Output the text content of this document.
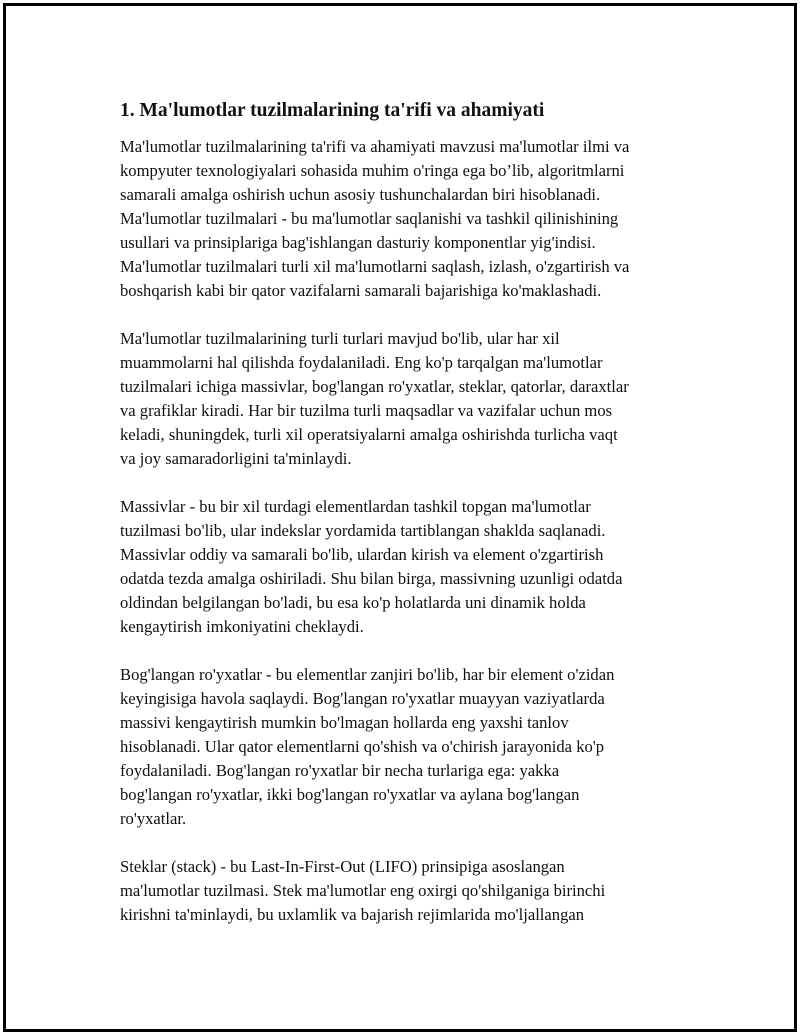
1. Ma'lumotlar tuzilmalarining ta'rifi va ahamiyati

Ma'lumotlar tuzilmalarining ta'rifi va ahamiyati mavzusi ma'lumotlar ilmi va
kompyuter texnologiyalari sohasida muhim o'ringa ega bo’lib, algoritmlarni
samarali amalga oshirish uchun asosiy tushunchalardan biri hisoblanadi.
Ma'lumotlar tuzilmalari - bu ma'lumotlar saqlanishi va tashkil qilinishining
usullari va prinsiplariga bag'ishlangan dasturiy komponentlar yig'indisi.
Ma'lumotlar tuzilmalari turli xil ma'lumotlarni saqlash, izlash, o'zgartirish va
boshqarish kabi bir qator vazifalarni samarali bajarishiga ko'maklashadi.

Ma'lumotlar tuzilmalarining turli turlari mavjud bo'lib, ular har xil
muammolarni hal qilishda foydalaniladi. Eng ko'p tarqalgan ma'lumotlar
tuzilmalari ichiga massivlar, bog'langan ro'yxatlar, steklar, qatorlar, daraxtlar
va grafiklar kiradi. Har bir tuzilma turli maqsadlar va vazifalar uchun mos
keladi, shuningdek, turli xil operatsiyalarni amalga oshirishda turlicha vaqt
va joy samaradorligini ta'minlaydi.

Massivlar - bu bir xil turdagi elementlardan tashkil topgan ma'lumotlar
tuzilmasi bo'lib, ular indekslar yordamida tartiblangan shaklda saqlanadi.
Massivlar oddiy va samarali bo'lib, ulardan kirish va element o'zgartirish
odatda tezda amalga oshiriladi. Shu bilan birga, massivning uzunligi odatda
oldindan belgilangan bo'ladi, bu esa ko'p holatlarda uni dinamik holda
kengaytirish imkoniyatini cheklaydi.

Bog'langan ro'yxatlar - bu elementlar zanjiri bo'lib, har bir element o'zidan
keyingisiga havola saqlaydi. Bog'langan ro'yxatlar muayyan vaziyatlarda
massivi kengaytirish mumkin bo'lmagan hollarda eng yaxshi tanlov
hisoblanadi. Ular qator elementlarni qo'shish va o'chirish jarayonida ko'p
foydalaniladi. Bog'langan ro'yxatlar bir necha turlariga ega: yakka
bog'langan ro'yxatlar, ikki bog'langan ro'yxatlar va aylana bog'langan
ro'yxatlar.

Steklar (stack) - bu Last-In-First-Out (LIFO) prinsipiga asoslangan
ma'lumotlar tuzilmasi. Stek ma'lumotlar eng oxirgi qo'shilganiga birinchi
kirishni ta'minlaydi, bu uxlamlik va bajarish rejimlarida mo'ljallangan
